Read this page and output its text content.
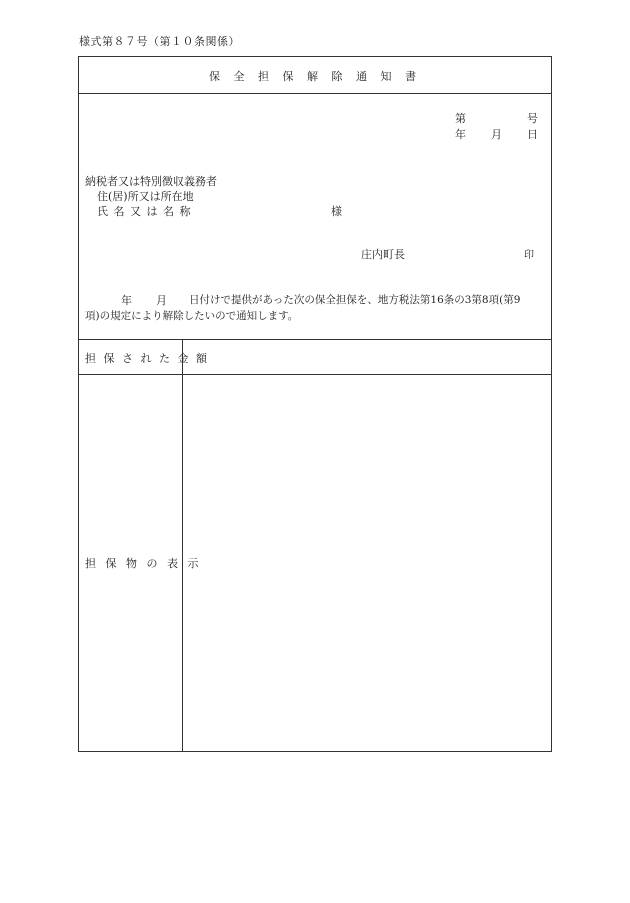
様式第８７号（第１０条関係）
保 全 担 保 解 除 通 知 書
第	号
年 月 日
納税者又は特別徴収義務者
住(居)所又は所在地
氏 名 又 は 名 称	様
庄内町長	印
年 月 日付けで提供があった次の保全担保を、地方税法第16条の3第8項(第9
項)の規定により解除したいので通知します。
担 保 さ れ た 金 額
担 保 物 の 表 示
